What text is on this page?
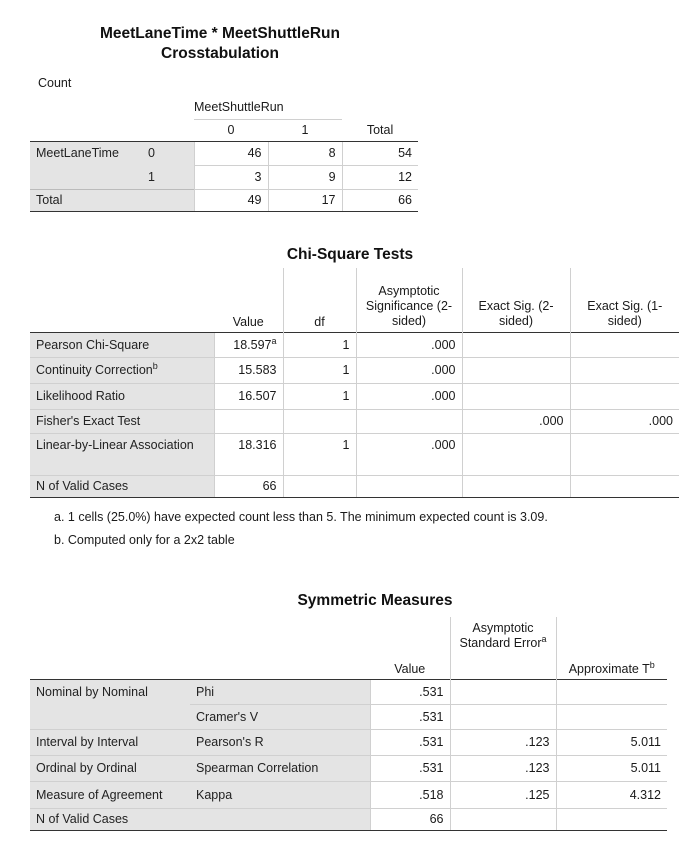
MeetLaneTime * MeetShuttleRun
Crosstabulation
Count
		MeetShuttleRun		
		0	1	Total
MeetLaneTime	0	46	8	54
	1	3	9	12
Total		49	17	66
Chi-Square Tests
	Value	df	Asymptotic Significance (2-sided)	Exact Sig. (2-sided)	Exact Sig. (1-sided)
Pearson Chi-Square	18.597$^a$	1	.000		
Continuity Correction$^b$	15.583	1	.000		
Likelihood Ratio	16.507	1	.000		
Fisher's Exact Test				.000	.000
Linear-by-Linear Association	18.316	1	.000		
N of Valid Cases	66				
a. 1 cells (25.0%) have expected count less than 5. The minimum expected count is 3.09.
b. Computed only for a 2x2 table
Symmetric Measures
		Value	Asymptotic Standard Error$^a$	Approximate $T^b$
Nominal by Nominal	Phi	.531		
	Cramer's V	.531		
Interval by Interval	Pearson's R	.531	.123	5.011
Ordinal by Ordinal	Spearman Correlation	.531	.123	5.011
Measure of Agreement	Kappa	.518	.125	4.312
N of Valid Cases		66		
